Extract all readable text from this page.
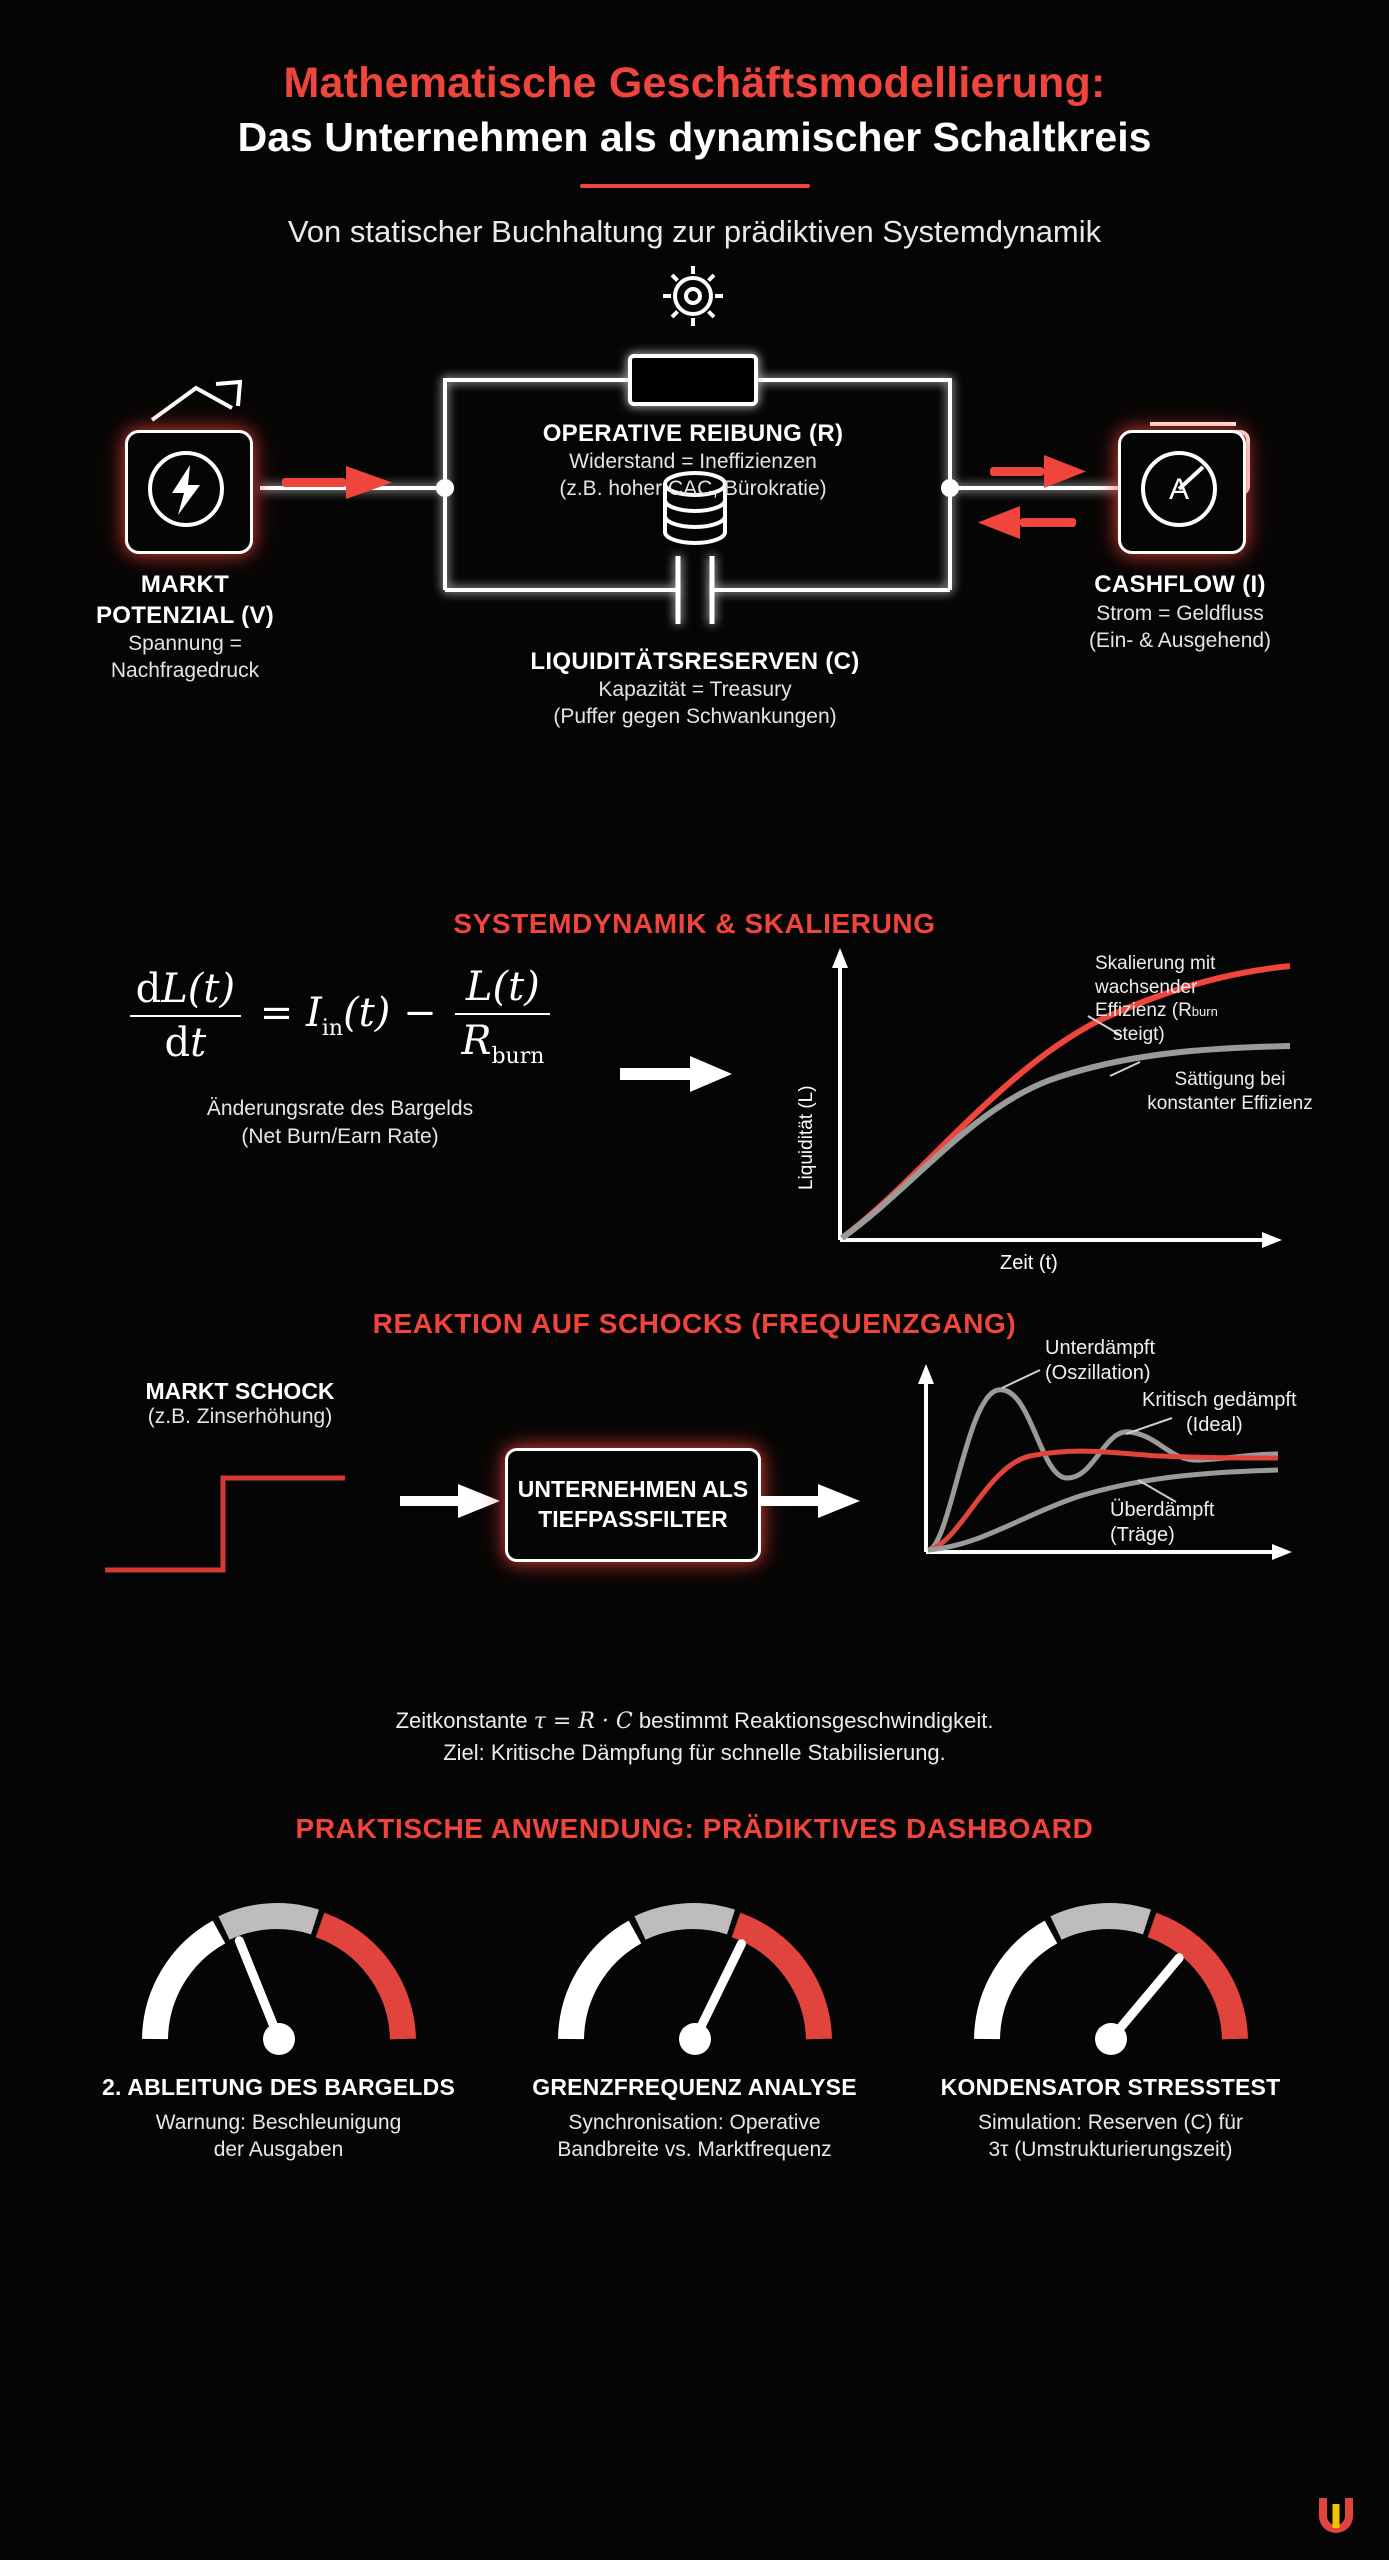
Mathematische Geschäftsmodellierung:
Das Unternehmen als dynamischer Schaltkreis
Von statischer Buchhaltung zur prädiktiven Systemdynamik
A
MARKT
POTENZIAL (V)
Spannung =
Nachfragedruck
OPERATIVE REIBUNG (R)
Widerstand = Ineffizienzen
(z.B. hoher CAC, Bürokratie)
LIQUIDITÄTSRESERVEN (C)
Kapazität = Treasury
(Puffer gegen Schwankungen)
CASHFLOW (I)
Strom = Geldfluss
(Ein- & Ausgehend)
SYSTEMDYNAMIK & SKALIERUNG
$\frac{dL(t)}{dt} = I_{in}(t) - \frac{L(t)}{R_{burn}}$
Änderungsrate des Bargelds
(Net Burn/Earn Rate)	Liquidität (L)
Zeit (t)
Skalierung mit
wachsender
Effizienz (Rburn
steigt)
Sättigung bei
konstanter Effizienz
REAKTION AUF SCHOCKS (FREQUENZGANG)
MARKT SCHOCK
(z.B. Zinserhöhung)
UNTERNEHMEN ALS
TIEFPASSFILTER
Unterdämpft
(Oszillation)
Kritisch gedämpft
(Ideal)
Überdämpft
(Träge)
Zeitkonstante τ = R · C bestimmt Reaktionsgeschwindigkeit.
Ziel: Kritische Dämpfung für schnelle Stabilisierung.
PRAKTISCHE ANWENDUNG: PRÄDIKTIVES DASHBOARD
2. ABLEITUNG DES BARGELDS
Warnung: Beschleunigung
der Ausgaben
GRENZFREQUENZ ANALYSE
Synchronisation: Operative
Bandbreite vs. Marktfrequenz
KONDENSATOR STRESSTEST
Simulation: Reserven (C) für
3τ (Umstrukturierungszeit)
